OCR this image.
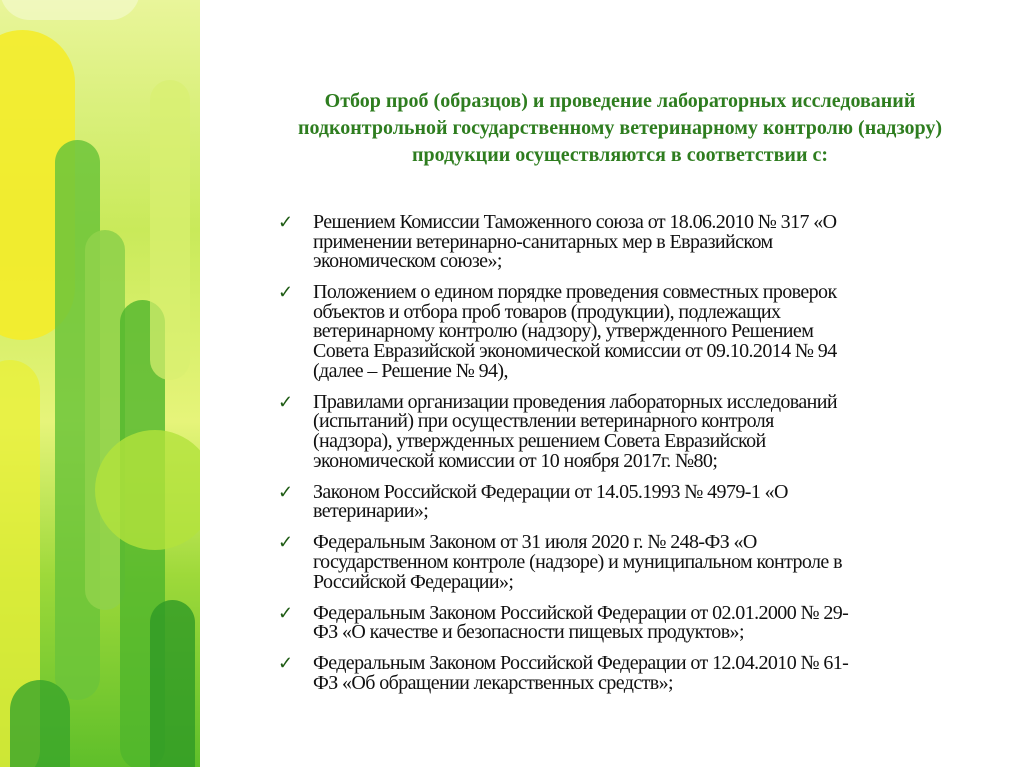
Отбор проб (образцов) и проведение лабораторных исследований
подконтрольной государственному ветеринарному контролю (надзору)
продукции осуществляются в соответствии с:
✓ Решением Комиссии Таможенного союза от 18.06.2010 № 317 «О
применении ветеринарно-санитарных мер в Евразийском
экономическом союзе»;
✓ Положением о едином порядке проведения совместных проверок
объектов и отбора проб товаров (продукции), подлежащих
ветеринарному контролю (надзору), утвержденного Решением
Совета Евразийской экономической комиссии от 09.10.2014 № 94
(далее – Решение № 94),
✓ Правилами организации проведения лабораторных исследований
(испытаний) при осуществлении ветеринарного контроля
(надзора), утвержденных решением Совета Евразийской
экономической комиссии от 10 ноября 2017г. №80;
✓ Законом Российской Федерации от 14.05.1993 № 4979-1 «О
ветеринарии»;
✓ Федеральным Законом от 31 июля 2020 г. № 248-ФЗ «О
государственном контроле (надзоре) и муниципальном контроле в
Российской Федерации»;
✓ Федеральным Законом Российской Федерации от 02.01.2000 № 29-
ФЗ «О качестве и безопасности пищевых продуктов»;
✓ Федеральным Законом Российской Федерации от 12.04.2010 № 61-
ФЗ «Об обращении лекарственных средств»;
